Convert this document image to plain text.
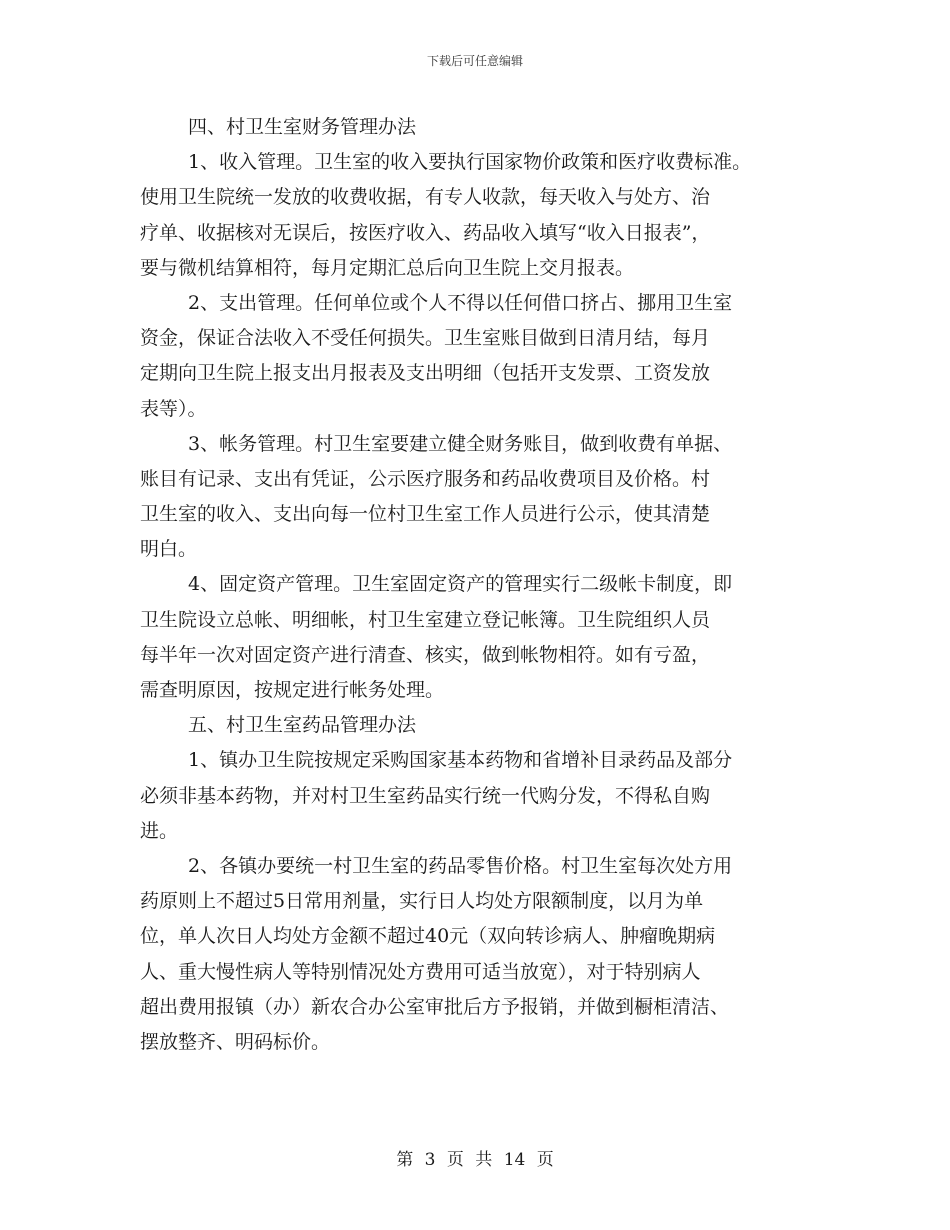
下载后可任意编辑
四、村卫生室财务管理办法
1、收入管理。卫生室的收入要执行国家物价政策和医疗收费标准。
使用卫生院统一发放的收费收据，有专人收款，每天收入与处方、治
疗单、收据核对无误后，按医疗收入、药品收入填写“收入日报表”，
要与微机结算相符，每月定期汇总后向卫生院上交月报表。
2、支出管理。任何单位或个人不得以任何借口挤占、挪用卫生室
资金，保证合法收入不受任何损失。卫生室账目做到日清月结，每月
定期向卫生院上报支出月报表及支出明细（包括开支发票、工资发放
表等）。
3、帐务管理。村卫生室要建立健全财务账目，做到收费有单据、
账目有记录、支出有凭证，公示医疗服务和药品收费项目及价格。村
卫生室的收入、支出向每一位村卫生室工作人员进行公示，使其清楚
明白。
4、固定资产管理。卫生室固定资产的管理实行二级帐卡制度，即
卫生院设立总帐、明细帐，村卫生室建立登记帐簿。卫生院组织人员
每半年一次对固定资产进行清查、核实，做到帐物相符。如有亏盈，
需查明原因，按规定进行帐务处理。
五、村卫生室药品管理办法
1、镇办卫生院按规定采购国家基本药物和省增补目录药品及部分
必须非基本药物，并对村卫生室药品实行统一代购分发，不得私自购
进。
2、各镇办要统一村卫生室的药品零售价格。村卫生室每次处方用
药原则上不超过5日常用剂量，实行日人均处方限额制度，以月为单
位，单人次日人均处方金额不超过40元（双向转诊病人、肿瘤晚期病
人、重大慢性病人等特别情况处方费用可适当放宽），对于特别病人
超出费用报镇（办）新农合办公室审批后方予报销，并做到橱柜清洁、
摆放整齐、明码标价。
第 3 页 共 14 页
